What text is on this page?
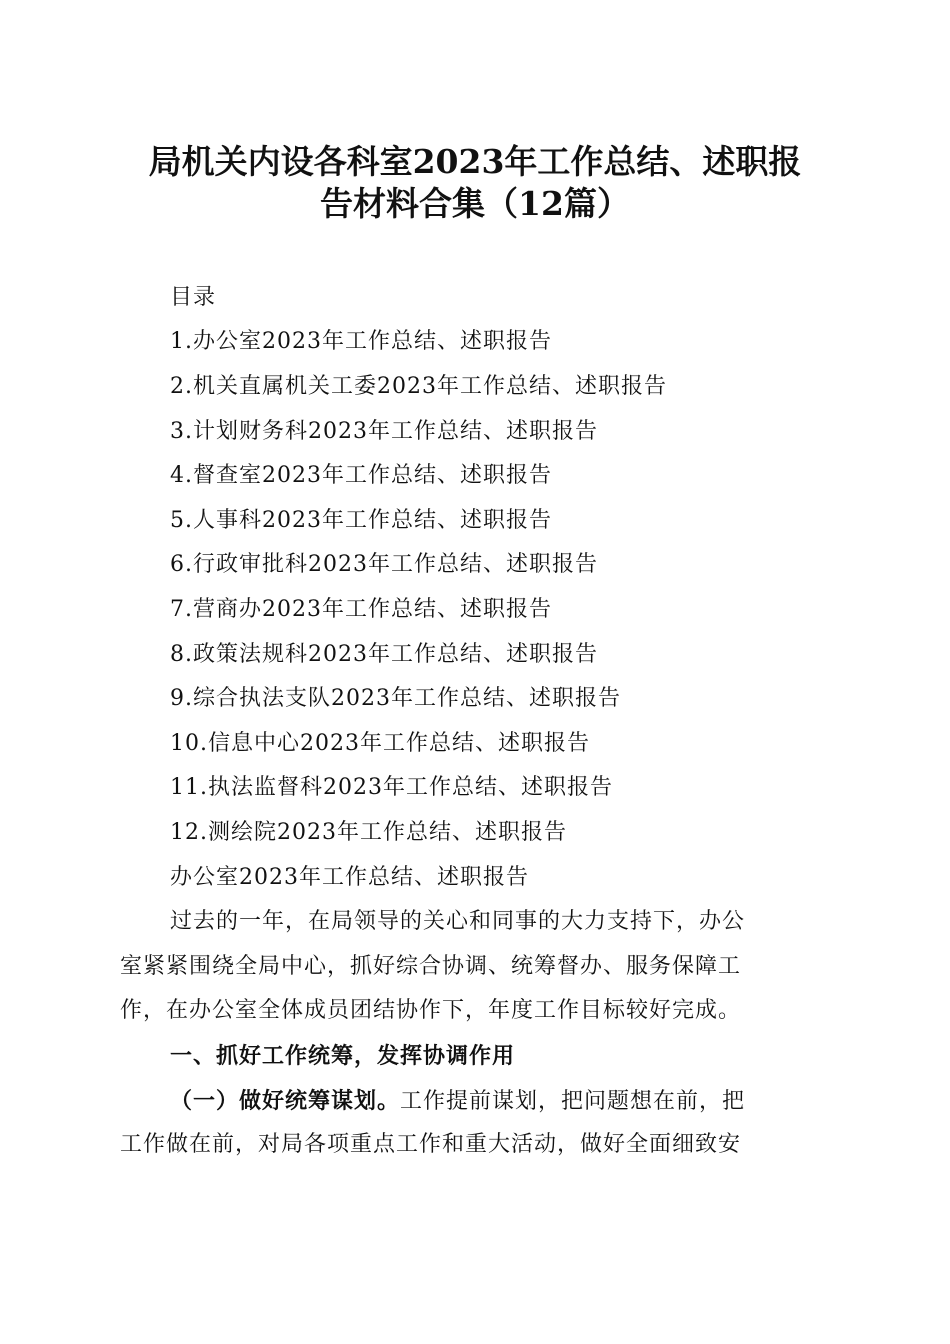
局机关内设各科室2023年工作总结、述职报
告材料合集（12篇）
目录
1.办公室2023年工作总结、述职报告
2.机关直属机关工委2023年工作总结、述职报告
3.计划财务科2023年工作总结、述职报告
4.督查室2023年工作总结、述职报告
5.人事科2023年工作总结、述职报告
6.行政审批科2023年工作总结、述职报告
7.营商办2023年工作总结、述职报告
8.政策法规科2023年工作总结、述职报告
9.综合执法支队2023年工作总结、述职报告
10.信息中心2023年工作总结、述职报告
11.执法监督科2023年工作总结、述职报告
12.测绘院2023年工作总结、述职报告
办公室2023年工作总结、述职报告
过去的一年，在局领导的关心和同事的大力支持下，办公
室紧紧围绕全局中心，抓好综合协调、统筹督办、服务保障工
作，在办公室全体成员团结协作下，年度工作目标较好完成。
一、抓好工作统筹，发挥协调作用
（一）做好统筹谋划。工作提前谋划，把问题想在前，把
工作做在前，对局各项重点工作和重大活动，做好全面细致安
